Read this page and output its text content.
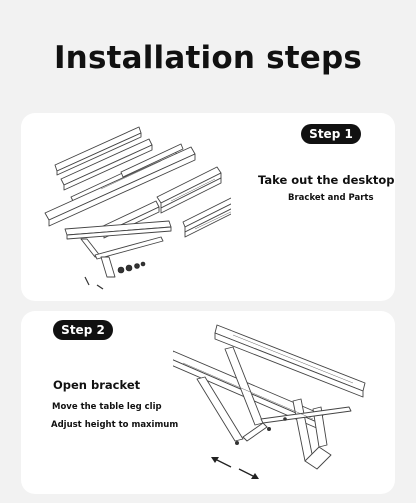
Installation steps
Step 1
Take out the desktop
Bracket and Parts
Step 2
Open bracket
Move the table leg clip
Adjust height to maximum
